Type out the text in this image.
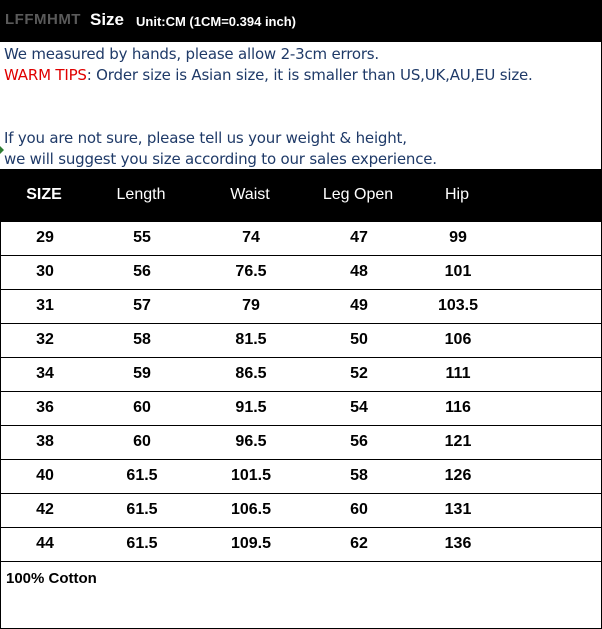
LFFMHMT Size Unit:CM (1CM=0.394 inch)
We measured by hands, please allow 2-3cm errors.
WARM TIPS: Order size is Asian size, it is smaller than US,UK,AU,EU size.
If you are not sure, please tell us your weight & height,
we will suggest you size according to our sales experience.
SIZE	Length	Waist	Leg Open	Hip
29	55	74	47	99
30	56	76.5	48	101
31	57	79	49	103.5
32	58	81.5	50	106
34	59	86.5	52	111
36	60	91.5	54	116
38	60	96.5	56	121
40	61.5	101.5	58	126
42	61.5	106.5	60	131
44	61.5	109.5	62	136
100% Cotton
